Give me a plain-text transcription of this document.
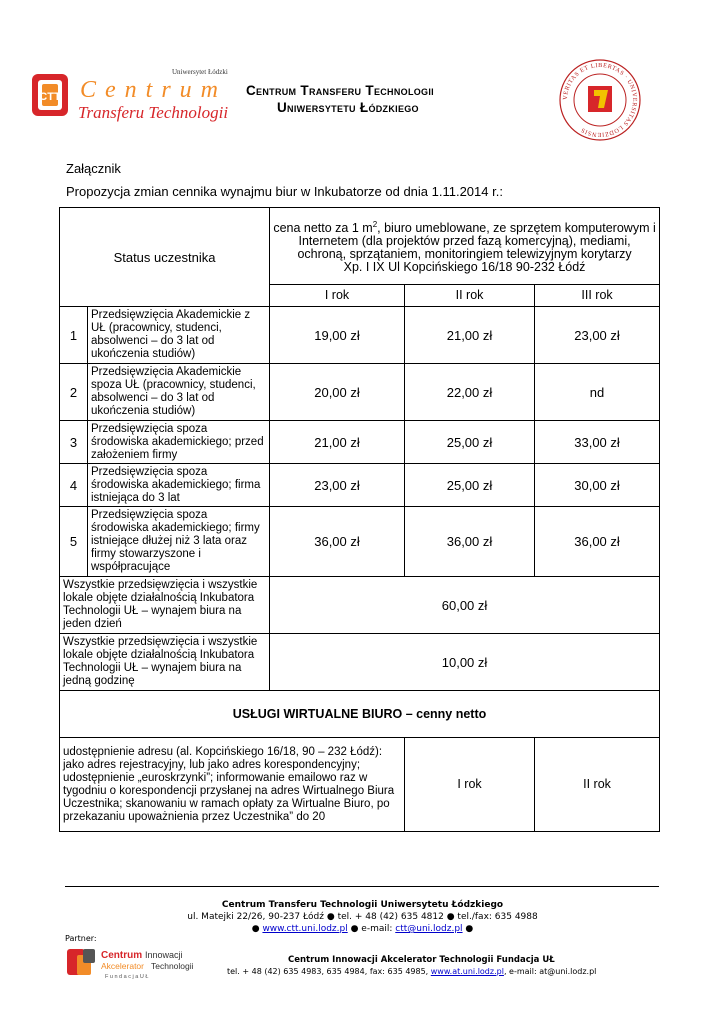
CTT
Uniwersytet Łódzki
Centrum
Transferu Technologii
Centrum Transferu Technologii
Uniwersytetu Łódzkiego
VERITAS ET LIBERTAS · UNIVERSITAS LODZIENSIS
Załącznik
Propozycja zmian cennika wynajmu biur w Inkubatorze od dnia 1.11.2014 r.:
Status uczestnika		cena netto za 1 $m^2$, biuro umeblowane, ze sprzętem komputerowym i Internetem (dla projektów przed fazą komercyjną), mediami, ochroną, sprzątaniem, monitoringiem telewizyjnym korytarzy
Xp. I IX Ul Kopcińskiego 16/18 90-232 Łódź		
		I rok	II rok	III rok
1	Przedsięwzięcia Akademickie z UŁ (pracownicy, studenci, absolwenci – do 3 lat od ukończenia studiów)	19,00 zł	21,00 zł	23,00 zł
2	Przedsięwzięcia Akademickie spoza UŁ (pracownicy, studenci, absolwenci – do 3 lat od ukończenia studiów)	20,00 zł	22,00 zł	nd
3	Przedsięwzięcia spoza środowiska akademickiego; przed założeniem firmy	21,00 zł	25,00 zł	33,00 zł
4	Przedsięwzięcia spoza środowiska akademickiego; firma istniejąca do 3 lat	23,00 zł	25,00 zł	30,00 zł
5	Przedsięwzięcia spoza środowiska akademickiego; firmy istniejące dłużej niż 3 lata oraz firmy stowarzyszone i współpracujące	36,00 zł	36,00 zł	36,00 zł
Wszystkie przedsięwzięcia i wszystkie lokale objęte działalnością Inkubatora Technologii UŁ – wynajem biura na jeden dzień		60,00 zł		
Wszystkie przedsięwzięcia i wszystkie lokale objęte działalnością Inkubatora Technologii UŁ – wynajem biura na jedną godzinę		10,00 zł		
USŁUGI WIRTUALNE BIURO – cenny netto				
udostępnienie adresu (al. Kopcińskiego 16/18, 90 – 232 Łódź): jako adres rejestracyjny, lub jako adres korespondencyjny; udostępnienie „euroskrzynki”; informowanie emailowo raz w tygodniu o korespondencji przysłanej na adres Wirtualnego Biura Uczestnika; skanowaniu w ramach opłaty za Wirtualne Biuro, po przekazaniu upoważnienia przez Uczestnika” do 20			I rok	II rok
Centrum Transferu Technologii Uniwersytetu Łódzkiego
ul. Matejki 22/26, 90-237 Łódź ● tel. + 48 (42) 635 4812 ● tel./fax: 635 4988
● www.ctt.uni.lodz.pl ● e-mail: ctt@uni.lodz.pl ●
Partner:
Centrum Innowacji
Akcelerator Technologii
F u n d a c j a U Ł
Centrum Innowacji Akcelerator Technologii Fundacja UŁ
tel. + 48 (42) 635 4983, 635 4984, fax: 635 4985, www.at.uni.lodz.pl, e-mail: at@uni.lodz.pl
